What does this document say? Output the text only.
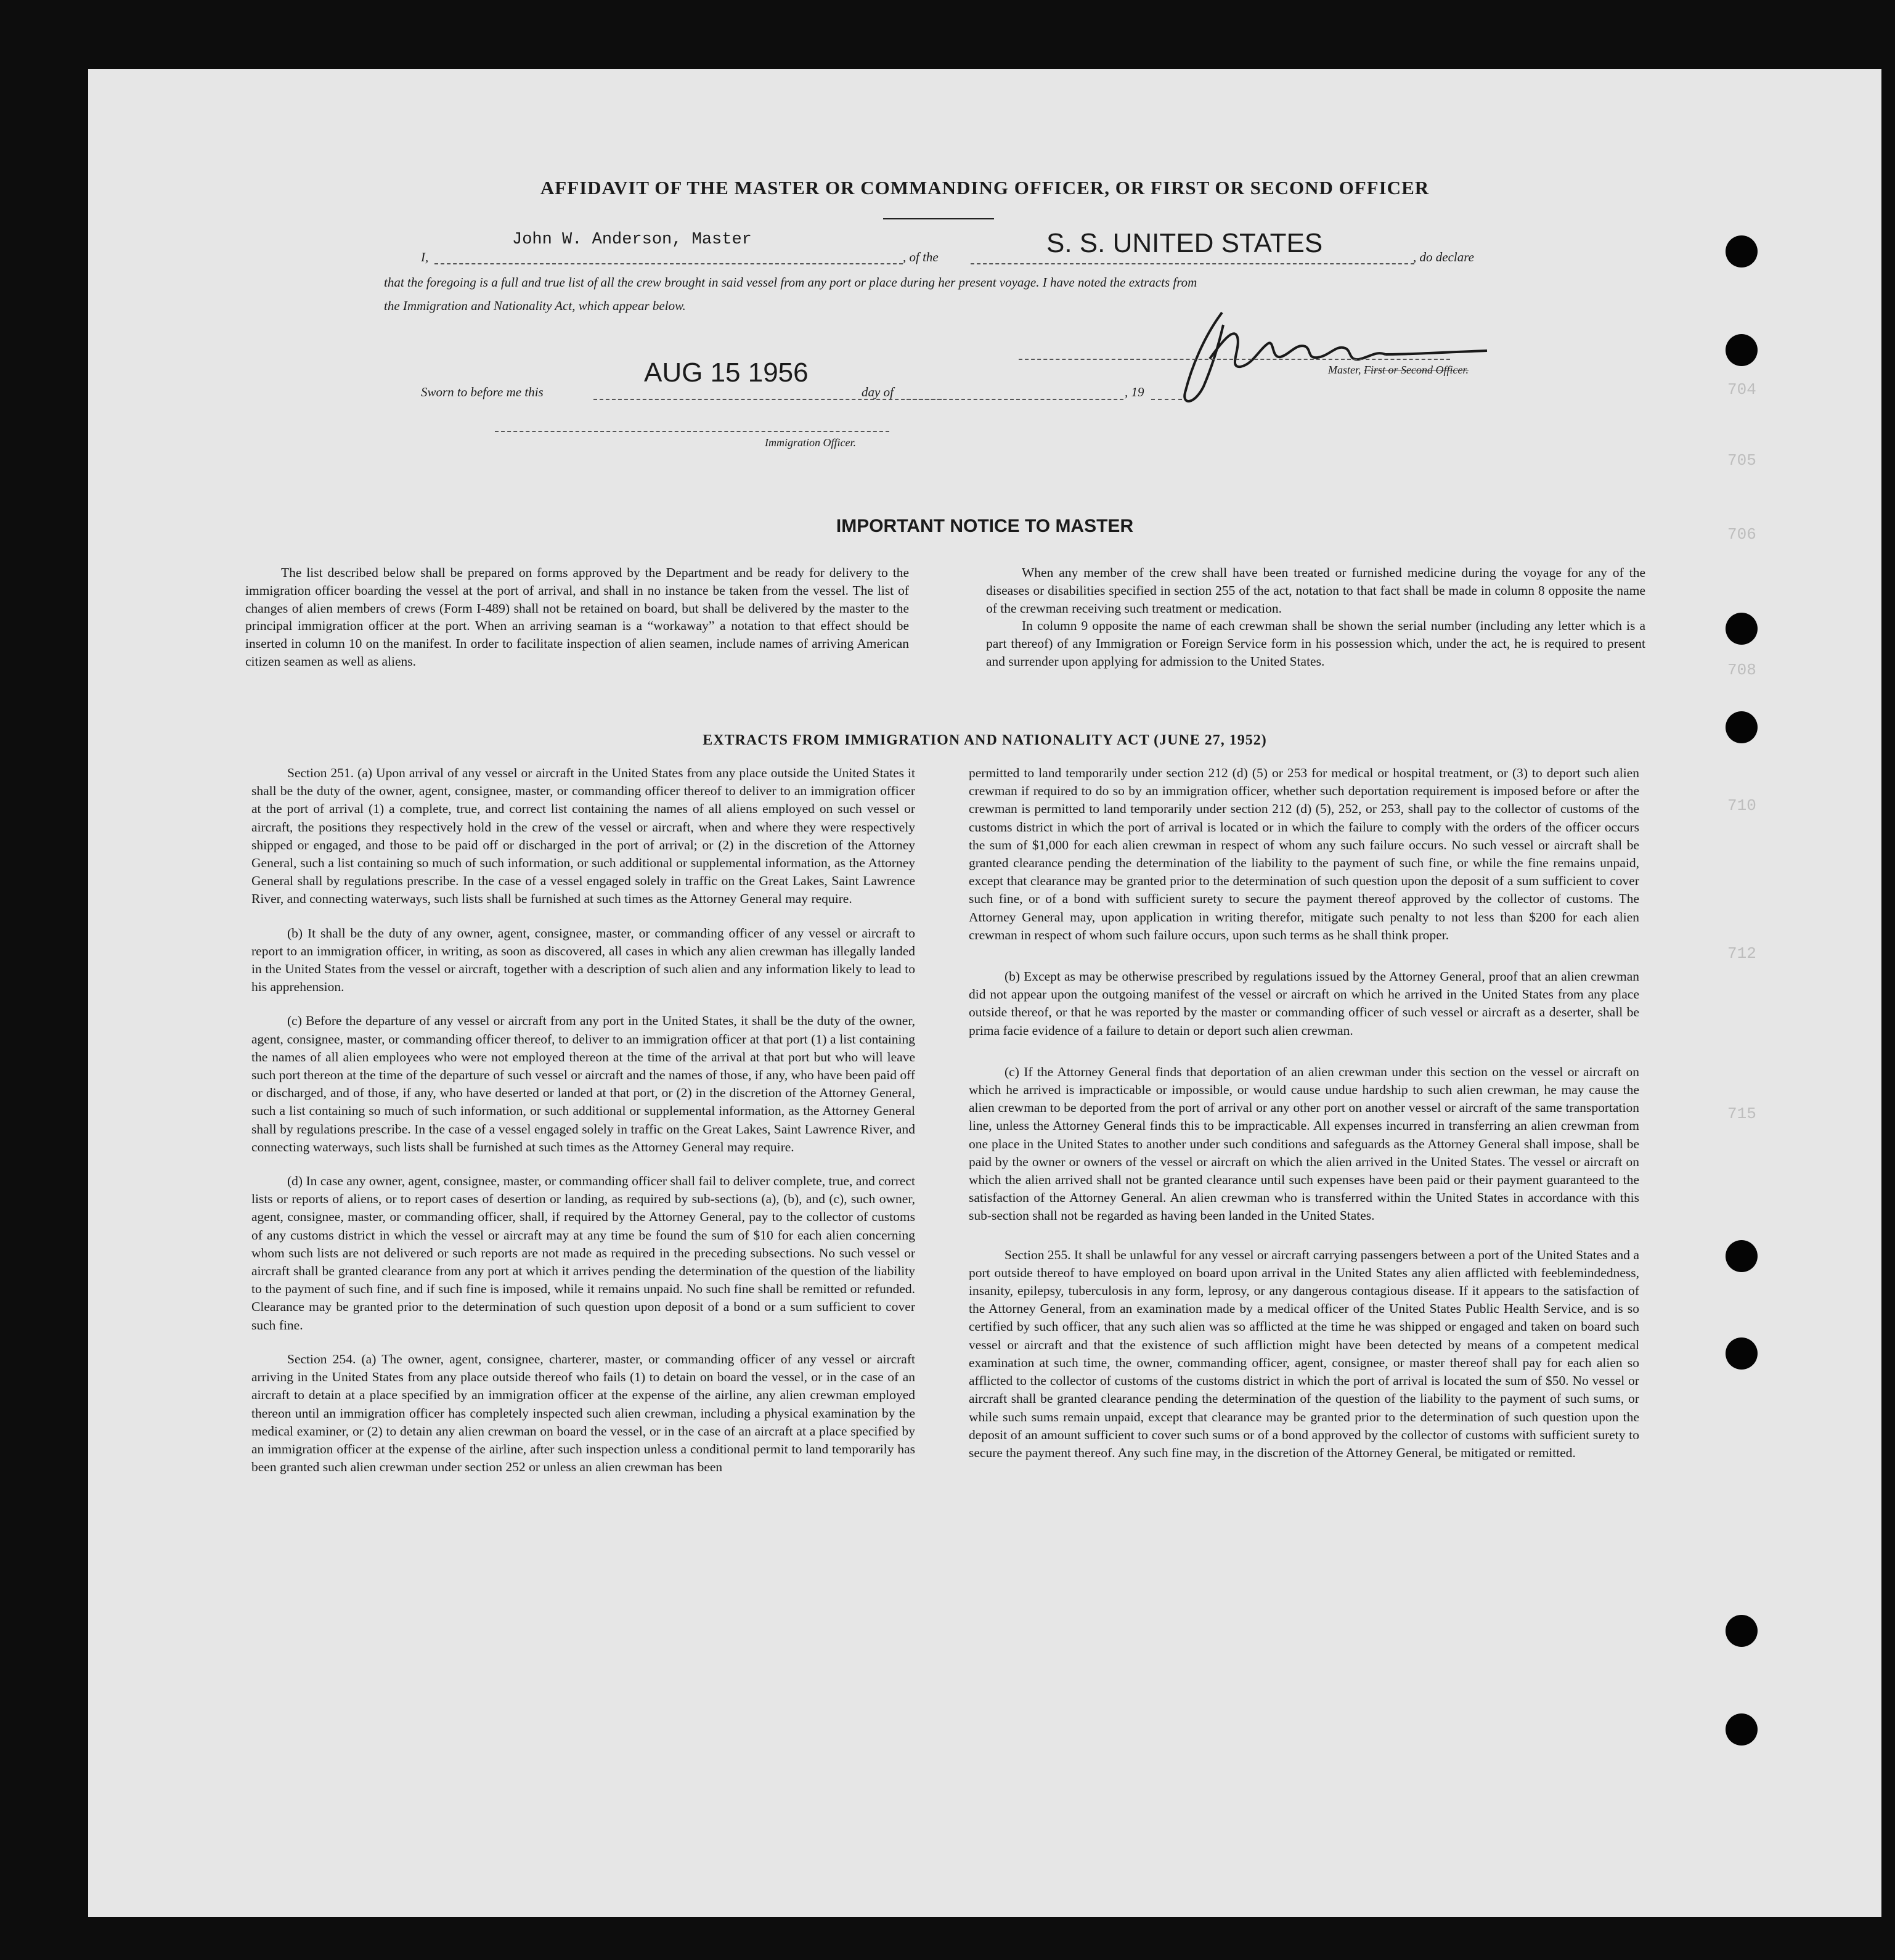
704
705
706
708
710
712
715
AFFIDAVIT OF THE MASTER OR COMMANDING OFFICER, OR FIRST OR SECOND OFFICER
I,
John W. Anderson, Master
, of the	S. S. UNITED STATES	, do declare
that the foregoing is a full and true list of all the crew brought in said vessel from any port or place during her present voyage. I have noted the extracts from
the Immigration and Nationality Act, which appear below.
Master, First or Second Officer.
Sworn to before me this
AUG 15 1956
day of	, 19
Immigration Officer.
IMPORTANT NOTICE TO MASTER

The list described below shall be prepared on forms approved by the Department and be ready for delivery to the immigration officer boarding the vessel at the port of arrival, and shall in no instance be taken from the vessel. The list of changes of alien members of crews (Form I-489) shall not be retained on board, but shall be delivered by the master to the principal immigration officer at the port. When an arriving seaman is a “workaway” a notation to that effect should be inserted in column 10 on the manifest. In order to facilitate inspection of alien seamen, include names of arriving American citizen seamen as well as aliens.

When any member of the crew shall have been treated or furnished medicine during the voyage for any of the diseases or disabilities specified in section 255 of the act, notation to that fact shall be made in column 8 opposite the name of the crewman receiving such treatment or medication.

In column 9 opposite the name of each crewman shall be shown the serial number (including any letter which is a part thereof) of any Immigration or Foreign Service form in his possession which, under the act, he is required to present and surrender upon applying for admission to the United States.

EXTRACTS FROM IMMIGRATION AND NATIONALITY ACT (JUNE 27, 1952)

Section 251. (a) Upon arrival of any vessel or aircraft in the United States from any place outside the United States it shall be the duty of the owner, agent, consignee, master, or commanding officer thereof to deliver to an immigration officer at the port of arrival (1) a complete, true, and correct list containing the names of all aliens employed on such vessel or aircraft, the positions they respectively hold in the crew of the vessel or aircraft, when and where they were respectively shipped or engaged, and those to be paid off or discharged in the port of arrival; or (2) in the discretion of the Attorney General, such a list containing so much of such information, or such additional or supplemental information, as the Attorney General shall by regulations prescribe. In the case of a vessel engaged solely in traffic on the Great Lakes, Saint Lawrence River, and connecting waterways, such lists shall be furnished at such times as the Attorney General may require.

(b) It shall be the duty of any owner, agent, consignee, master, or commanding officer of any vessel or aircraft to report to an immigration officer, in writing, as soon as discovered, all cases in which any alien crewman has illegally landed in the United States from the vessel or aircraft, together with a description of such alien and any information likely to lead to his apprehension.

(c) Before the departure of any vessel or aircraft from any port in the United States, it shall be the duty of the owner, agent, consignee, master, or commanding officer thereof, to deliver to an immigration officer at that port (1) a list containing the names of all alien employees who were not employed thereon at the time of the arrival at that port but who will leave such port thereon at the time of the departure of such vessel or aircraft and the names of those, if any, who have been paid off or discharged, and of those, if any, who have deserted or landed at that port, or (2) in the discretion of the Attorney General, such a list containing so much of such information, or such additional or supplemental information, as the Attorney General shall by regulations prescribe. In the case of a vessel engaged solely in traffic on the Great Lakes, Saint Lawrence River, and connecting waterways, such lists shall be furnished at such times as the Attorney General may require.

(d) In case any owner, agent, consignee, master, or commanding officer shall fail to deliver complete, true, and correct lists or reports of aliens, or to report cases of desertion or landing, as required by sub-sections (a), (b), and (c), such owner, agent, consignee, master, or commanding officer, shall, if required by the Attorney General, pay to the collector of customs of any customs district in which the vessel or aircraft may at any time be found the sum of $10 for each alien concerning whom such lists are not delivered or such reports are not made as required in the preceding subsections. No such vessel or aircraft shall be granted clearance from any port at which it arrives pending the determination of the question of the liability to the payment of such fine, and if such fine is imposed, while it remains unpaid. No such fine shall be remitted or refunded. Clearance may be granted prior to the determination of such question upon deposit of a bond or a sum sufficient to cover such fine.

Section 254. (a) The owner, agent, consignee, charterer, master, or commanding officer of any vessel or aircraft arriving in the United States from any place outside thereof who fails (1) to detain on board the vessel, or in the case of an aircraft to detain at a place specified by an immigration officer at the expense of the airline, any alien crewman employed thereon until an immigration officer has completely inspected such alien crewman, including a physical examination by the medical examiner, or (2) to detain any alien crewman on board the vessel, or in the case of an aircraft at a place specified by an immigration officer at the expense of the airline, after such inspection unless a conditional permit to land temporarily has been granted such alien crewman under section 252 or unless an alien crewman has been

permitted to land temporarily under section 212 (d) (5) or 253 for medical or hospital treatment, or (3) to deport such alien crewman if required to do so by an immigration officer, whether such deportation requirement is imposed before or after the crewman is permitted to land temporarily under section 212 (d) (5), 252, or 253, shall pay to the collector of customs of the customs district in which the port of arrival is located or in which the failure to comply with the orders of the officer occurs the sum of $1,000 for each alien crewman in respect of whom any such failure occurs. No such vessel or aircraft shall be granted clearance pending the determination of the liability to the payment of such fine, or while the fine remains unpaid, except that clearance may be granted prior to the determination of such question upon the deposit of a sum sufficient to cover such fine, or of a bond with sufficient surety to secure the payment thereof approved by the collector of customs. The Attorney General may, upon application in writing therefor, mitigate such penalty to not less than $200 for each alien crewman in respect of whom such failure occurs, upon such terms as he shall think proper.

(b) Except as may be otherwise prescribed by regulations issued by the Attorney General, proof that an alien crewman did not appear upon the outgoing manifest of the vessel or aircraft on which he arrived in the United States from any place outside thereof, or that he was reported by the master or commanding officer of such vessel or aircraft as a deserter, shall be prima facie evidence of a failure to detain or deport such alien crewman.

(c) If the Attorney General finds that deportation of an alien crewman under this section on the vessel or aircraft on which he arrived is impracticable or impossible, or would cause undue hardship to such alien crewman, he may cause the alien crewman to be deported from the port of arrival or any other port on another vessel or aircraft of the same transportation line, unless the Attorney General finds this to be impracticable. All expenses incurred in transferring an alien crewman from one place in the United States to another under such conditions and safeguards as the Attorney General shall impose, shall be paid by the owner or owners of the vessel or aircraft on which the alien arrived in the United States. The vessel or aircraft on which the alien arrived shall not be granted clearance until such expenses have been paid or their payment guaranteed to the satisfaction of the Attorney General. An alien crewman who is transferred within the United States in accordance with this sub-section shall not be regarded as having been landed in the United States.

Section 255. It shall be unlawful for any vessel or aircraft carrying passengers between a port of the United States and a port outside thereof to have employed on board upon arrival in the United States any alien afflicted with feeblemindedness, insanity, epilepsy, tuberculosis in any form, leprosy, or any dangerous contagious disease. If it appears to the satisfaction of the Attorney General, from an examination made by a medical officer of the United States Public Health Service, and is so certified by such officer, that any such alien was so afflicted at the time he was shipped or engaged and taken on board such vessel or aircraft and that the existence of such affliction might have been detected by means of a competent medical examination at such time, the owner, commanding officer, agent, consignee, or master thereof shall pay for each alien so afflicted to the collector of customs of the customs district in which the port of arrival is located the sum of $50. No vessel or aircraft shall be granted clearance pending the determination of the question of the liability to the payment of such sums, or while such sums remain unpaid, except that clearance may be granted prior to the determination of such question upon the deposit of an amount sufficient to cover such sums or of a bond approved by the collector of customs with sufficient surety to secure the payment thereof. Any such fine may, in the discretion of the Attorney General, be mitigated or remitted.
